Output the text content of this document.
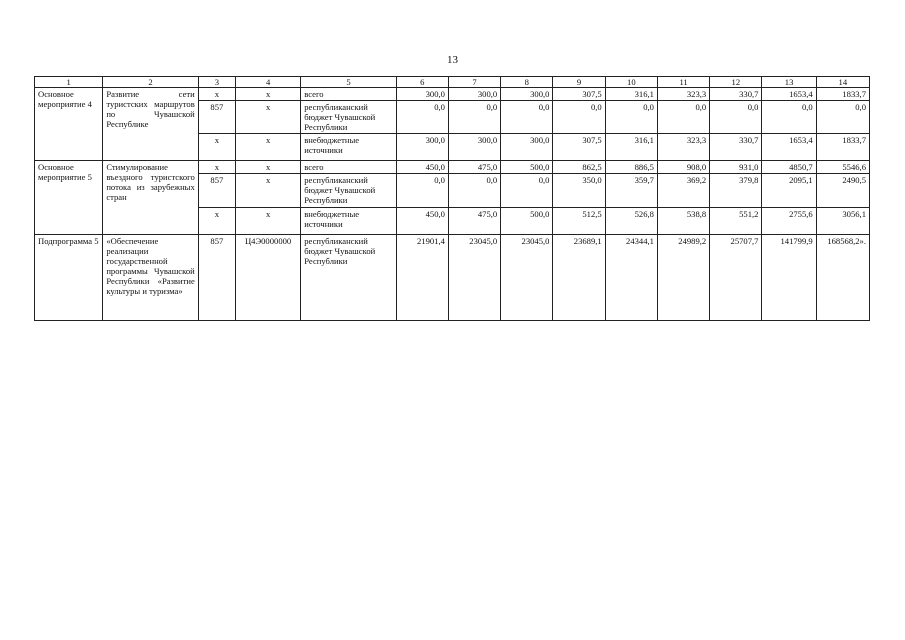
13
1	2	3	4	5	6	7	8	9	10	11	12	13	14
Основное мероприятие 4	Развитие сети туристских маршрутов по Чувашской Республике	x	x	всего	300,0	300,0	300,0	307,5	316,1	323,3	330,7	1653,4	1833,7
		857	x	республиканский бюджет Чувашской Республики	0,0	0,0	0,0	0,0	0,0	0,0	0,0	0,0	0,0
		x	x	внебюджетные источники	300,0	300,0	300,0	307,5	316,1	323,3	330,7	1653,4	1833,7
Основное мероприятие 5	Стимулирование въездного туристского потока из зарубежных стран	x	x	всего	450,0	475,0	500,0	862,5	886,5	908,0	931,0	4850,7	5546,6
		857	x	республиканский бюджет Чувашской Республики	0,0	0,0	0,0	350,0	359,7	369,2	379,8	2095,1	2490,5
		x	x	внебюджетные источники	450,0	475,0	500,0	512,5	526,8	538,8	551,2	2755,6	3056,1
Подпрограмма 5	«Обеспечение реализации государственной программы Чувашской Республики «Развитие культуры и туризма»	857	Ц4Э0000000	республиканский бюджет Чувашской Республики	21901,4	23045,0	23045,0	23689,1	24344,1	24989,2	25707,7	141799,9	168568,2».
